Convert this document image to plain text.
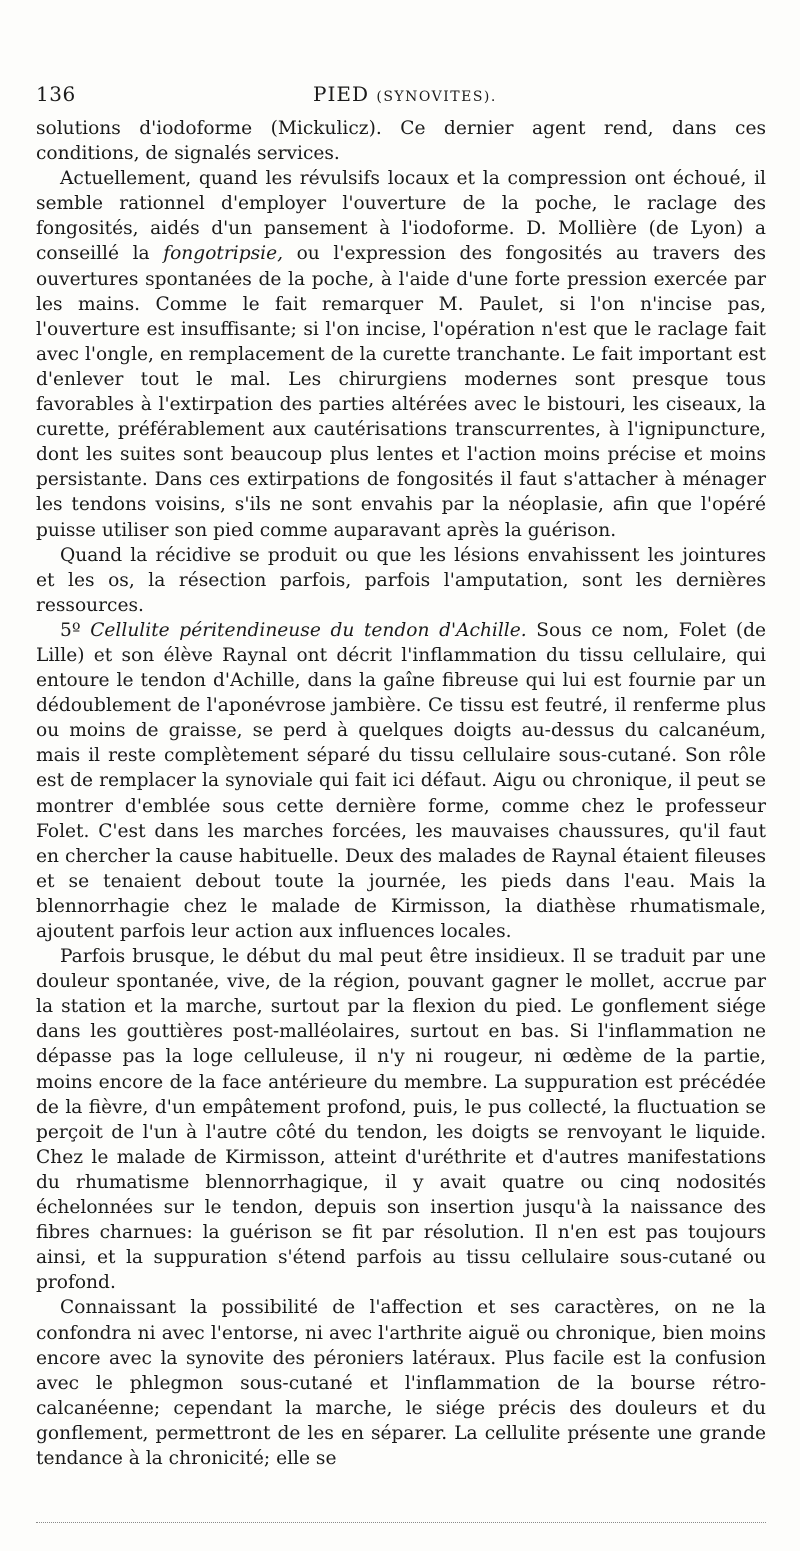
136	PIED (SYNOVITES).

solutions d'iodoforme (Mickulicz). Ce dernier agent rend, dans ces conditions, de signalés services.

Actuellement, quand les révulsifs locaux et la compression ont échoué, il semble rationnel d'employer l'ouverture de la poche, le raclage des fongosités, aidés d'un pansement à l'iodoforme. D. Mollière (de Lyon) a conseillé la fongotripsie, ou l'expression des fongosités au travers des ouvertures spontanées de la poche, à l'aide d'une forte pression exercée par les mains. Comme le fait remarquer M. Paulet, si l'on n'incise pas, l'ouverture est insuffisante; si l'on incise, l'opération n'est que le raclage fait avec l'ongle, en remplacement de la curette tranchante. Le fait important est d'enlever tout le mal. Les chirurgiens modernes sont presque tous favorables à l'extirpation des parties altérées avec le bistouri, les ciseaux, la curette, préférablement aux cautérisations transcurrentes, à l'ignipuncture, dont les suites sont beaucoup plus lentes et l'action moins précise et moins persistante. Dans ces extirpations de fongosités il faut s'attacher à ménager les tendons voisins, s'ils ne sont envahis par la néoplasie, afin que l'opéré puisse utiliser son pied comme auparavant après la guérison.

Quand la récidive se produit ou que les lésions envahissent les jointures et les os, la résection parfois, parfois l'amputation, sont les dernières ressources.

5º Cellulite péritendineuse du tendon d'Achille. Sous ce nom, Folet (de Lille) et son élève Raynal ont décrit l'inflammation du tissu cellulaire, qui entoure le tendon d'Achille, dans la gaîne fibreuse qui lui est fournie par un dédoublement de l'aponévrose jambière. Ce tissu est feutré, il renferme plus ou moins de graisse, se perd à quelques doigts au-dessus du calcanéum, mais il reste complètement séparé du tissu cellulaire sous-cutané. Son rôle est de remplacer la synoviale qui fait ici défaut. Aigu ou chronique, il peut se montrer d'emblée sous cette dernière forme, comme chez le professeur Folet. C'est dans les marches forcées, les mauvaises chaussures, qu'il faut en chercher la cause habituelle. Deux des malades de Raynal étaient fileuses et se tenaient debout toute la journée, les pieds dans l'eau. Mais la blennorrhagie chez le malade de Kirmisson, la diathèse rhumatismale, ajoutent parfois leur action aux influences locales.

Parfois brusque, le début du mal peut être insidieux. Il se traduit par une douleur spontanée, vive, de la région, pouvant gagner le mollet, accrue par la station et la marche, surtout par la flexion du pied. Le gonflement siége dans les gouttières post-malléolaires, surtout en bas. Si l'inflammation ne dépasse pas la loge celluleuse, il n'y ni rougeur, ni œdème de la partie, moins encore de la face antérieure du membre. La suppuration est précédée de la fièvre, d'un empâtement profond, puis, le pus collecté, la fluctuation se perçoit de l'un à l'autre côté du tendon, les doigts se renvoyant le liquide. Chez le malade de Kirmisson, atteint d'uréthrite et d'autres manifestations du rhumatisme blennorrhagique, il y avait quatre ou cinq nodosités échelonnées sur le tendon, depuis son insertion jusqu'à la naissance des fibres charnues: la guérison se fit par résolution. Il n'en est pas toujours ainsi, et la suppuration s'étend parfois au tissu cellulaire sous-cutané ou profond.

Connaissant la possibilité de l'affection et ses caractères, on ne la confondra ni avec l'entorse, ni avec l'arthrite aiguë ou chronique, bien moins encore avec la synovite des péroniers latéraux. Plus facile est la confusion avec le phlegmon sous-cutané et l'inflammation de la bourse rétro-calcanéenne; cependant la marche, le siége précis des douleurs et du gonflement, permettront de les en séparer. La cellulite présente une grande tendance à la chronicité; elle se
